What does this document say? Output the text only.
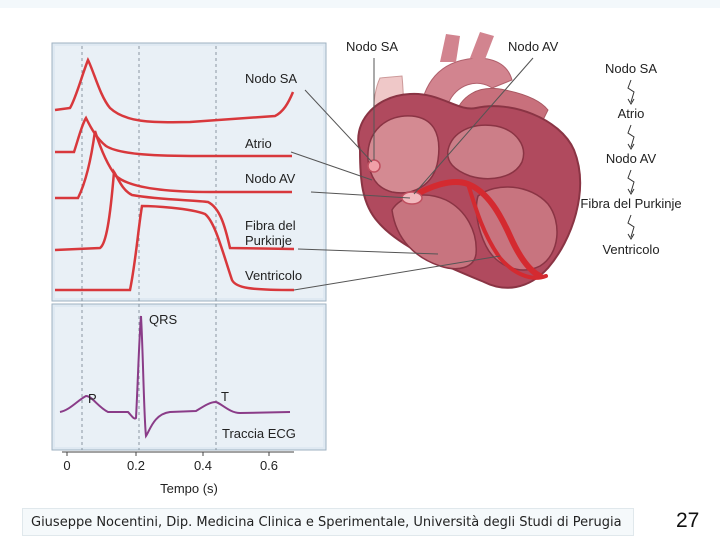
Nodo SA
Atrio
Nodo AV
Fibra del
Purkinje
Ventricolo
QRS
P	T
Traccia ECG
0	0.2	0.4	0.6
Tempo (s)
Nodo SA	Nodo AV
Nodo SA
Atrio
Nodo AV
Fibra del Purkinje
Ventricolo
Giuseppe Nocentini, Dip. Medicina Clinica e Sperimentale, Università degli Studi di Perugia	27
